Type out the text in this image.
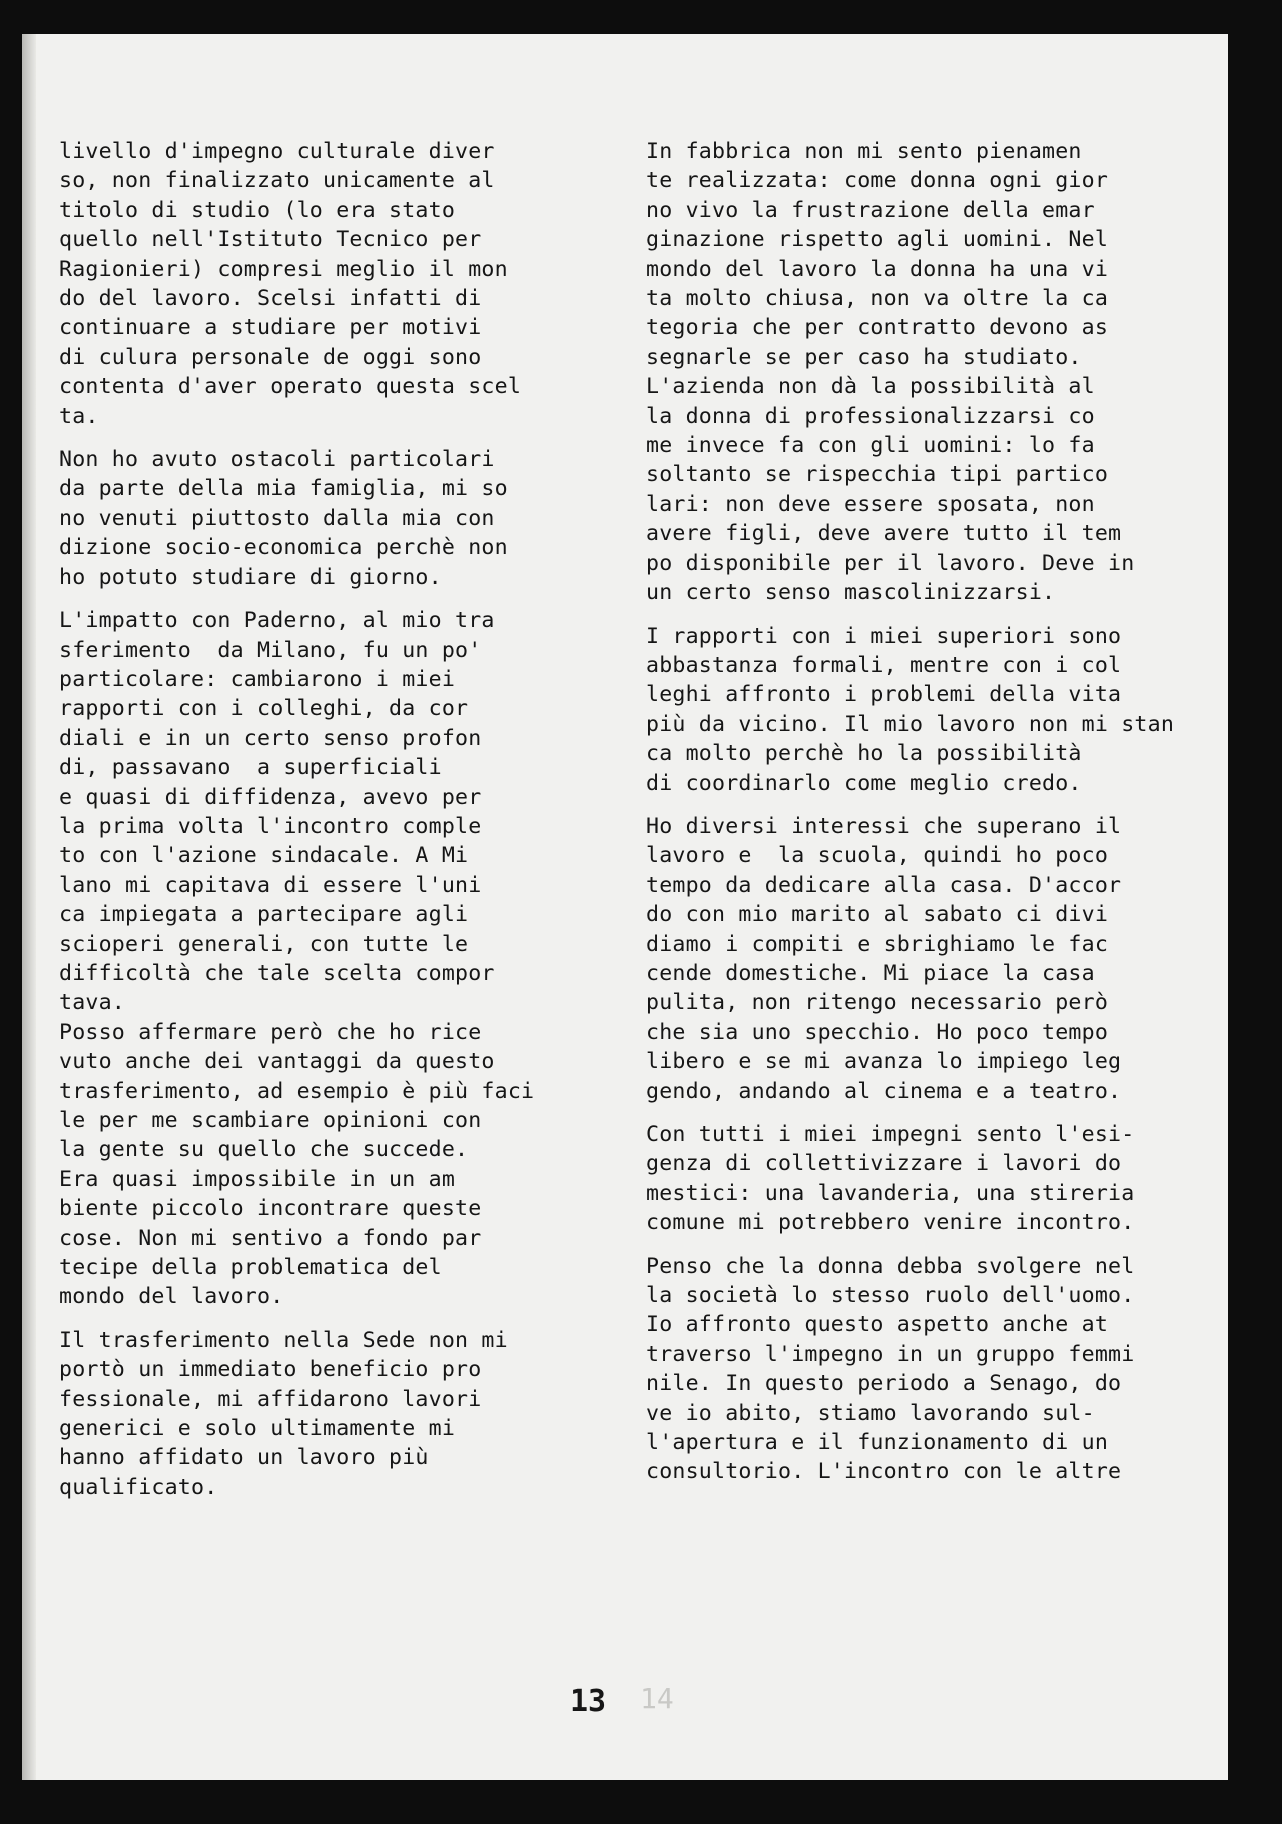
livello d'impegno culturale diver
so, non finalizzato unicamente al
titolo di studio (lo era stato
quello nell'Istituto Tecnico per
Ragionieri) compresi meglio il mon
do del lavoro. Scelsi infatti di
continuare a studiare per motivi
di culura personale de oggi sono
contenta d'aver operato questa scel
ta.
Non ho avuto ostacoli particolari
da parte della mia famiglia, mi so
no venuti piuttosto dalla mia con
dizione socio-economica perchè non
ho potuto studiare di giorno.
L'impatto con Paderno, al mio tra
sferimento  da Milano, fu un po'
particolare: cambiarono i miei
rapporti con i colleghi, da cor
diali e in un certo senso profon
di, passavano  a superficiali
e quasi di diffidenza, avevo per
la prima volta l'incontro comple
to con l'azione sindacale. A Mi
lano mi capitava di essere l'uni
ca impiegata a partecipare agli
scioperi generali, con tutte le
difficoltà che tale scelta compor
tava.
Posso affermare però che ho rice
vuto anche dei vantaggi da questo
trasferimento, ad esempio è più faci
le per me scambiare opinioni con
la gente su quello che succede.
Era quasi impossibile in un am
biente piccolo incontrare queste
cose. Non mi sentivo a fondo par
tecipe della problematica del
mondo del lavoro.
Il trasferimento nella Sede non mi
portò un immediato beneficio pro
fessionale, mi affidarono lavori
generici e solo ultimamente mi
hanno affidato un lavoro più
qualificato.
In fabbrica non mi sento pienamen
te realizzata: come donna ogni gior
no vivo la frustrazione della emar
ginazione rispetto agli uomini. Nel
mondo del lavoro la donna ha una vi
ta molto chiusa, non va oltre la ca
tegoria che per contratto devono as
segnarle se per caso ha studiato.
L'azienda non dà la possibilità al
la donna di professionalizzarsi co
me invece fa con gli uomini: lo fa
soltanto se rispecchia tipi partico
lari: non deve essere sposata, non
avere figli, deve avere tutto il tem
po disponibile per il lavoro. Deve in
un certo senso mascolinizzarsi.
I rapporti con i miei superiori sono
abbastanza formali, mentre con i col
leghi affronto i problemi della vita
più da vicino. Il mio lavoro non mi stan
ca molto perchè ho la possibilità
di coordinarlo come meglio credo.
Ho diversi interessi che superano il
lavoro e  la scuola, quindi ho poco
tempo da dedicare alla casa. D'accor
do con mio marito al sabato ci divi
diamo i compiti e sbrighiamo le fac
cende domestiche. Mi piace la casa
pulita, non ritengo necessario però
che sia uno specchio. Ho poco tempo
libero e se mi avanza lo impiego leg
gendo, andando al cinema e a teatro.
Con tutti i miei impegni sento l'esi-
genza di collettivizzare i lavori do
mestici: una lavanderia, una stireria
comune mi potrebbero venire incontro.
Penso che la donna debba svolgere nel
la società lo stesso ruolo dell'uomo.
Io affronto questo aspetto anche at
traverso l'impegno in un gruppo femmi
nile. In questo periodo a Senago, do
ve io abito, stiamo lavorando sul-
l'apertura e il funzionamento di un
consultorio. L'incontro con le altre
14
13
